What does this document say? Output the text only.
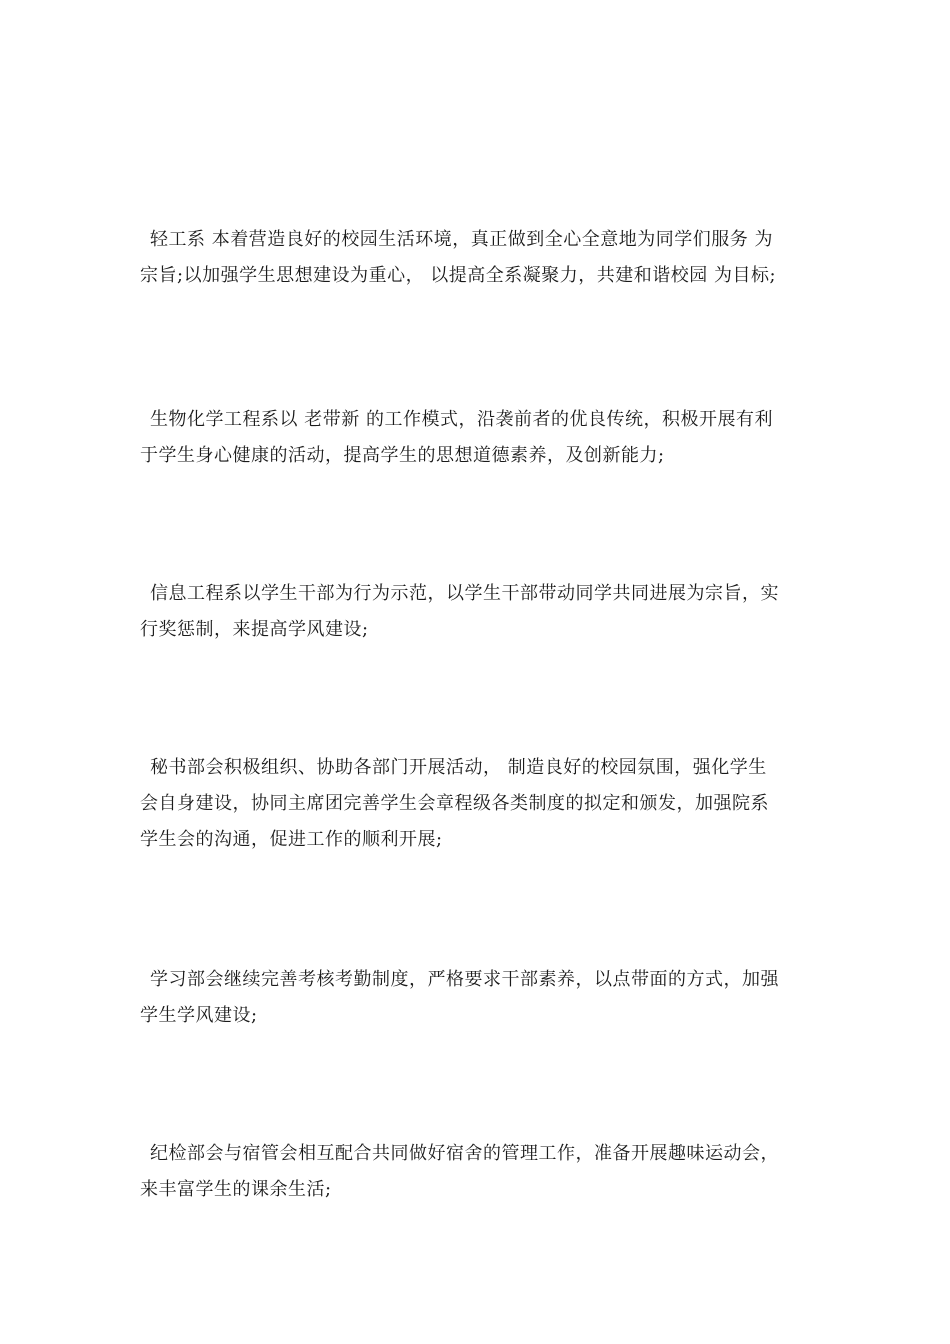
轻工系 本着营造良好的校园生活环境，真正做到全心全意地为同学们服务 为
宗旨;以加强学生思想建设为重心， 以提高全系凝聚力，共建和谐校园 为目标;

生物化学工程系以 老带新 的工作模式，沿袭前者的优良传统，积极开展有利
于学生身心健康的活动，提高学生的思想道德素养，及创新能力;

信息工程系以学生干部为行为示范，以学生干部带动同学共同进展为宗旨，实
行奖惩制，来提高学风建设;

秘书部会积极组织、协助各部门开展活动， 制造良好的校园氛围，强化学生
会自身建设，协同主席团完善学生会章程级各类制度的拟定和颁发，加强院系
学生会的沟通，促进工作的顺利开展;

学习部会继续完善考核考勤制度，严格要求干部素养，以点带面的方式，加强
学生学风建设;

纪检部会与宿管会相互配合共同做好宿舍的管理工作，准备开展趣味运动会，
来丰富学生的课余生活;
